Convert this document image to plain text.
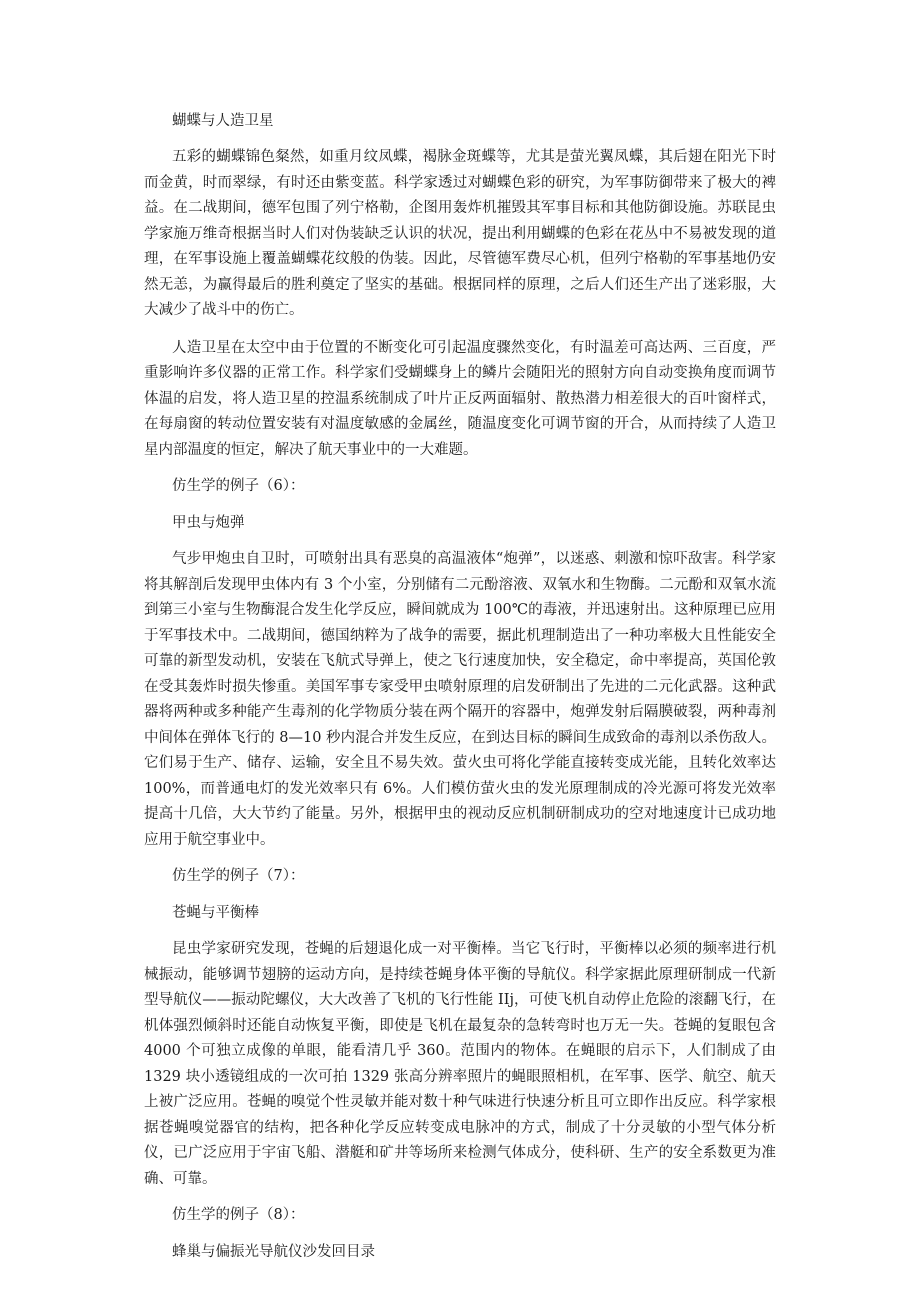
蝴蝶与人造卫星

五彩的蝴蝶锦色粲然，如重月纹凤蝶，褐脉金斑蝶等，尤其是萤光翼凤蝶，其后翅在阳光下时而金黄，时而翠绿，有时还由紫变蓝。科学家透过对蝴蝶色彩的研究，为军事防御带来了极大的裨益。在二战期间，德军包围了列宁格勒，企图用轰炸机摧毁其军事目标和其他防御设施。苏联昆虫学家施万维奇根据当时人们对伪装缺乏认识的状况，提出利用蝴蝶的色彩在花丛中不易被发现的道理，在军事设施上覆盖蝴蝶花纹般的伪装。因此，尽管德军费尽心机，但列宁格勒的军事基地仍安然无恙，为赢得最后的胜利奠定了坚实的基础。根据同样的原理，之后人们还生产出了迷彩服，大大减少了战斗中的伤亡。

人造卫星在太空中由于位置的不断变化可引起温度骤然变化，有时温差可高达两、三百度，严重影响许多仪器的正常工作。科学家们受蝴蝶身上的鳞片会随阳光的照射方向自动变换角度而调节体温的启发，将人造卫星的控温系统制成了叶片正反两面辐射、散热潜力相差很大的百叶窗样式，在每扇窗的转动位置安装有对温度敏感的金属丝，随温度变化可调节窗的开合，从而持续了人造卫星内部温度的恒定，解决了航天事业中的一大难题。

仿生学的例子（6）：

甲虫与炮弹

气步甲炮虫自卫时，可喷射出具有恶臭的高温液体“炮弹”，以迷惑、刺激和惊吓敌害。科学家将其解剖后发现甲虫体内有 3 个小室，分别储有二元酚溶液、双氧水和生物酶。二元酚和双氧水流到第三小室与生物酶混合发生化学反应，瞬间就成为 100℃的毒液，并迅速射出。这种原理已应用于军事技术中。二战期间，德国纳粹为了战争的需要，据此机理制造出了一种功率极大且性能安全可靠的新型发动机，安装在飞航式导弹上，使之飞行速度加快，安全稳定，命中率提高，英国伦敦在受其轰炸时损失惨重。美国军事专家受甲虫喷射原理的启发研制出了先进的二元化武器。这种武器将两种或多种能产生毒剂的化学物质分装在两个隔开的容器中，炮弹发射后隔膜破裂，两种毒剂中间体在弹体飞行的 8—10 秒内混合并发生反应，在到达目标的瞬间生成致命的毒剂以杀伤敌人。它们易于生产、储存、运输，安全且不易失效。萤火虫可将化学能直接转变成光能，且转化效率达 100%，而普通电灯的发光效率只有 6%。人们模仿萤火虫的发光原理制成的冷光源可将发光效率提高十几倍，大大节约了能量。另外，根据甲虫的视动反应机制研制成功的空对地速度计已成功地应用于航空事业中。

仿生学的例子（7）：

苍蝇与平衡棒

昆虫学家研究发现，苍蝇的后翅退化成一对平衡棒。当它飞行时，平衡棒以必须的频率进行机械振动，能够调节翅膀的运动方向，是持续苍蝇身体平衡的导航仪。科学家据此原理研制成一代新型导航仪——振动陀螺仪，大大改善了飞机的飞行性能 IIj，可使飞机自动停止危险的滚翻飞行，在机体强烈倾斜时还能自动恢复平衡，即使是飞机在最复杂的急转弯时也万无一失。苍蝇的复眼包含 4000 个可独立成像的单眼，能看清几乎 360。范围内的物体。在蝇眼的启示下，人们制成了由 1329 块小透镜组成的一次可拍 1329 张高分辨率照片的蝇眼照相机，在军事、医学、航空、航天上被广泛应用。苍蝇的嗅觉个性灵敏并能对数十种气味进行快速分析且可立即作出反应。科学家根据苍蝇嗅觉器官的结构，把各种化学反应转变成电脉冲的方式，制成了十分灵敏的小型气体分析仪，已广泛应用于宇宙飞船、潜艇和矿井等场所来检测气体成分，使科研、生产的安全系数更为准确、可靠。

仿生学的例子（8）：

蜂巢与偏振光导航仪沙发回目录
